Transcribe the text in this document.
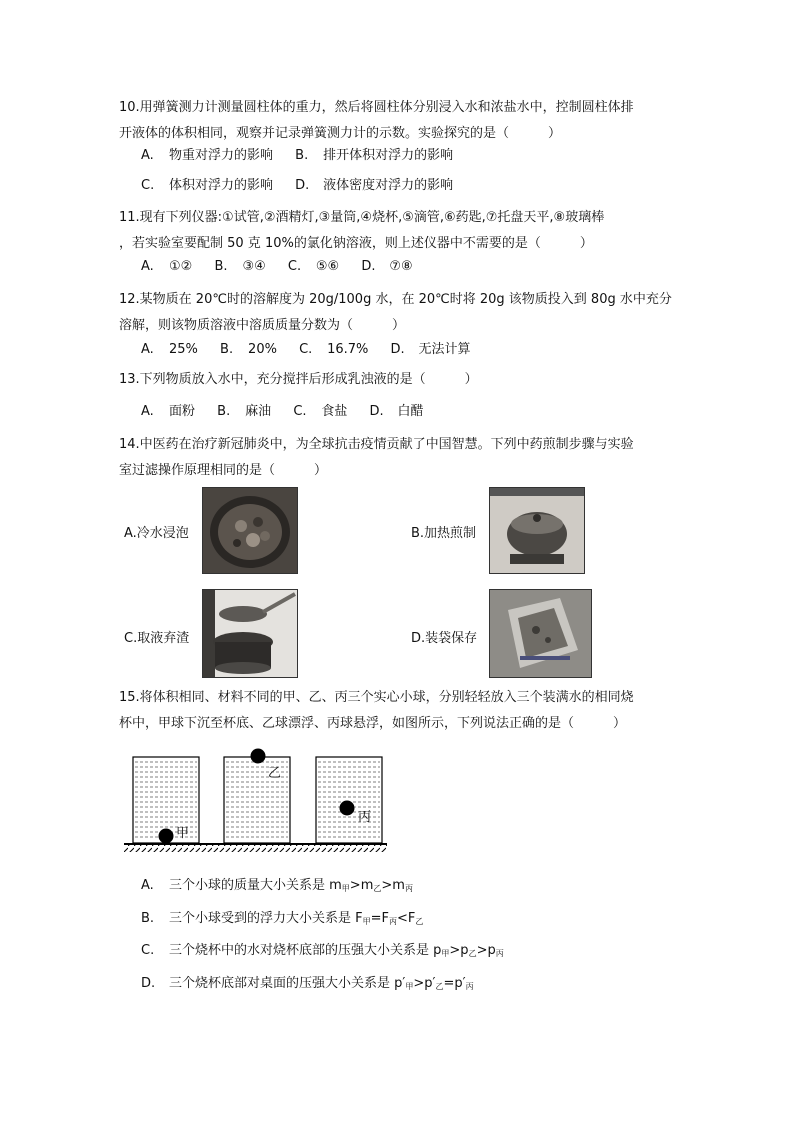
10.用弹簧测力计测量圆柱体的重力，然后将圆柱体分别浸入水和浓盐水中，控制圆柱体排
开液体的体积相同，观察并记录弹簧测力计的示数。实验探究的是（　　　）
A. 物重对浮力的影响 B. 排开体积对浮力的影响
C. 体积对浮力的影响 D. 液体密度对浮力的影响
11.现有下列仪器:①试管,②酒精灯,③量筒,④烧杯,⑤滴管,⑥药匙,⑦托盘天平,⑧玻璃棒
，若实验室要配制 50 克 10%的氯化钠溶液，则上述仪器中不需要的是（　　　）
A. ①② B. ③④ C. ⑤⑥ D. ⑦⑧
12.某物质在 20℃时的溶解度为 20g/100g 水，在 20℃时将 20g 该物质投入到 80g 水中充分
溶解，则该物质溶液中溶质质量分数为（　　　）
A. 25% B. 20% C. 16.7% D. 无法计算
13.下列物质放入水中，充分搅拌后形成乳浊液的是（　　　）
A. 面粉 B. 麻油 C. 食盐 D. 白醋
14.中医药在治疗新冠肺炎中，为全球抗击疫情贡献了中国智慧。下列中药煎制步骤与实验
室过滤操作原理相同的是（　　　）
A.冷水浸泡	B.加热煎制
C.取液弃渣	D.装袋保存
15.将体积相同、材料不同的甲、乙、丙三个实心小球，分别轻轻放入三个装满水的相同烧
杯中，甲球下沉至杯底、乙球漂浮、丙球悬浮，如图所示，下列说法正确的是（　　　）
甲
乙
丙
A. 三个小球的质量大小关系是 $m_甲>m_乙>m_丙$
B. 三个小球受到的浮力大小关系是 $F_甲=F_丙<F_乙$
C. 三个烧杯中的水对烧杯底部的压强大小关系是 $p_甲>p_乙>p_丙$
D. 三个烧杯底部对桌面的压强大小关系是 $p'_甲>p'_乙=p'_丙$
